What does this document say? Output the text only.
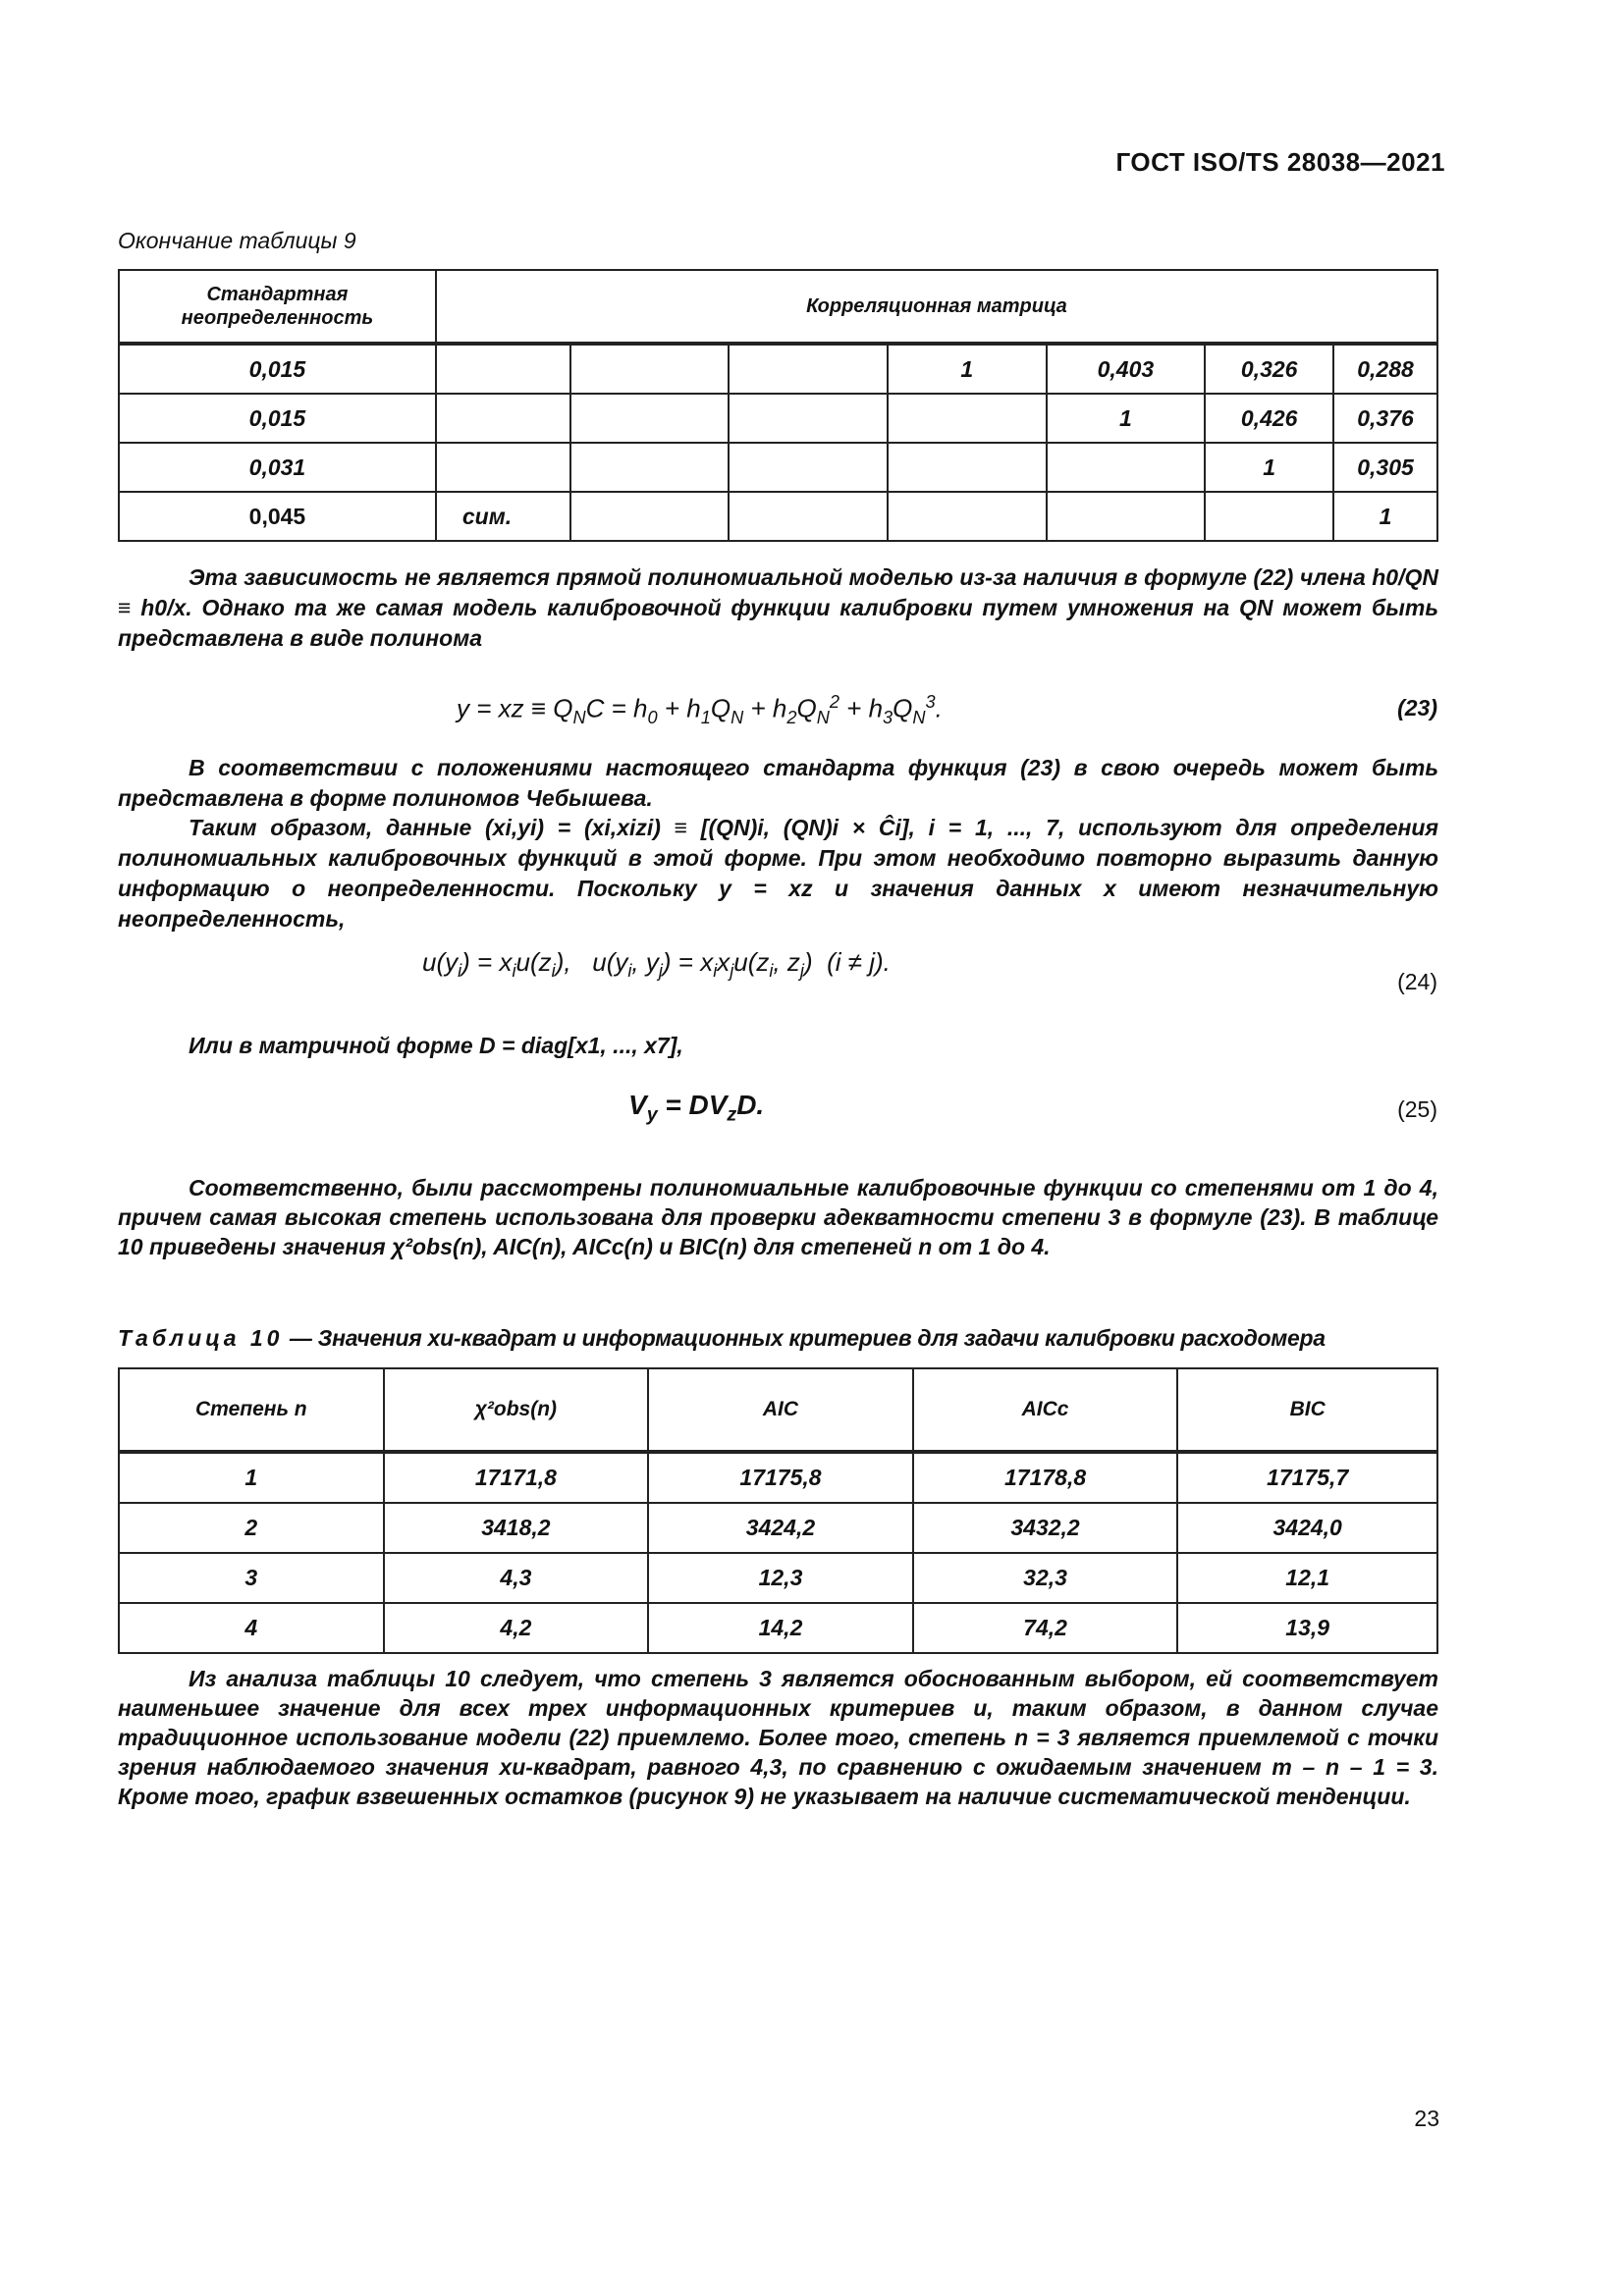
ГОСТ ISO/TS 28038—2021
Окончание таблицы 9
Стандартная неопределенность	Корреляционная матрица						
0,015				1	0,403	0,326	0,288
0,015					1	0,426	0,376
0,031						1	0,305
0,045	сим.						1
Эта зависимость не является прямой полиномиальной моделью из-за наличия в формуле (22) члена h0/QN ≡ h0/x. Однако та же самая модель калибровочной функции калибровки путем умножения на QN может быть представлена в виде полинома
y = xz ≡ $Q_NC = h_0 + h_1Q_N + h_2Q_N^2 + h_3Q_N^3$.	(23)
В соответствии с положениями настоящего стандарта функция (23) в свою очередь может быть представлена в форме полиномов Чебышева.
Таким образом, данные (xi,yi) = (xi,xizi) ≡ [(QN)i, (QN)i × Ĉi], i = 1, ..., 7, используют для определения полиномиальных калибровочных функций в этой форме. При этом необходимо повторно выразить данную информацию о неопределенности. Поскольку y = xz и значения данных x имеют незначительную неопределенность,
$u(y_i) = x_iu(z_i)$,   $u(y_i$, $y_j) = x_ix_ju(z_i$, $z_j$)  (i ≠ j).
(24)
Или в матричной форме D = diag[x1, ..., x7],
$V_y = DV_zD$.	(25)
Соответственно, были рассмотрены полиномиальные калибровочные функции со степенями от 1 до 4, причем самая высокая степень использована для проверки адекватности степени 3 в формуле (23). В таблице 10 приведены значения χ²obs(n), AIC(n), AICc(n) и BIC(n) для степеней n от 1 до 4.
Таблица 10 — Значения хи-квадрат и информационных критериев для задачи калибровки расходомера
Степень n	χ²obs(n)	AIC	AICc	BIC
1	17171,8	17175,8	17178,8	17175,7
2	3418,2	3424,2	3432,2	3424,0
3	4,3	12,3	32,3	12,1
4	4,2	14,2	74,2	13,9
Из анализа таблицы 10 следует, что степень 3 является обоснованным выбором, ей соответствует наименьшее значение для всех трех информационных критериев и, таким образом, в данном случае традиционное использование модели (22) приемлемо. Более того, степень n = 3 является приемлемой с точки зрения наблюдаемого значения хи-квадрат, равного 4,3, по сравнению с ожидаемым значением m – n – 1 = 3. Кроме того, график взвешенных остатков (рисунок 9) не указывает на наличие систематической тенденции.
23
